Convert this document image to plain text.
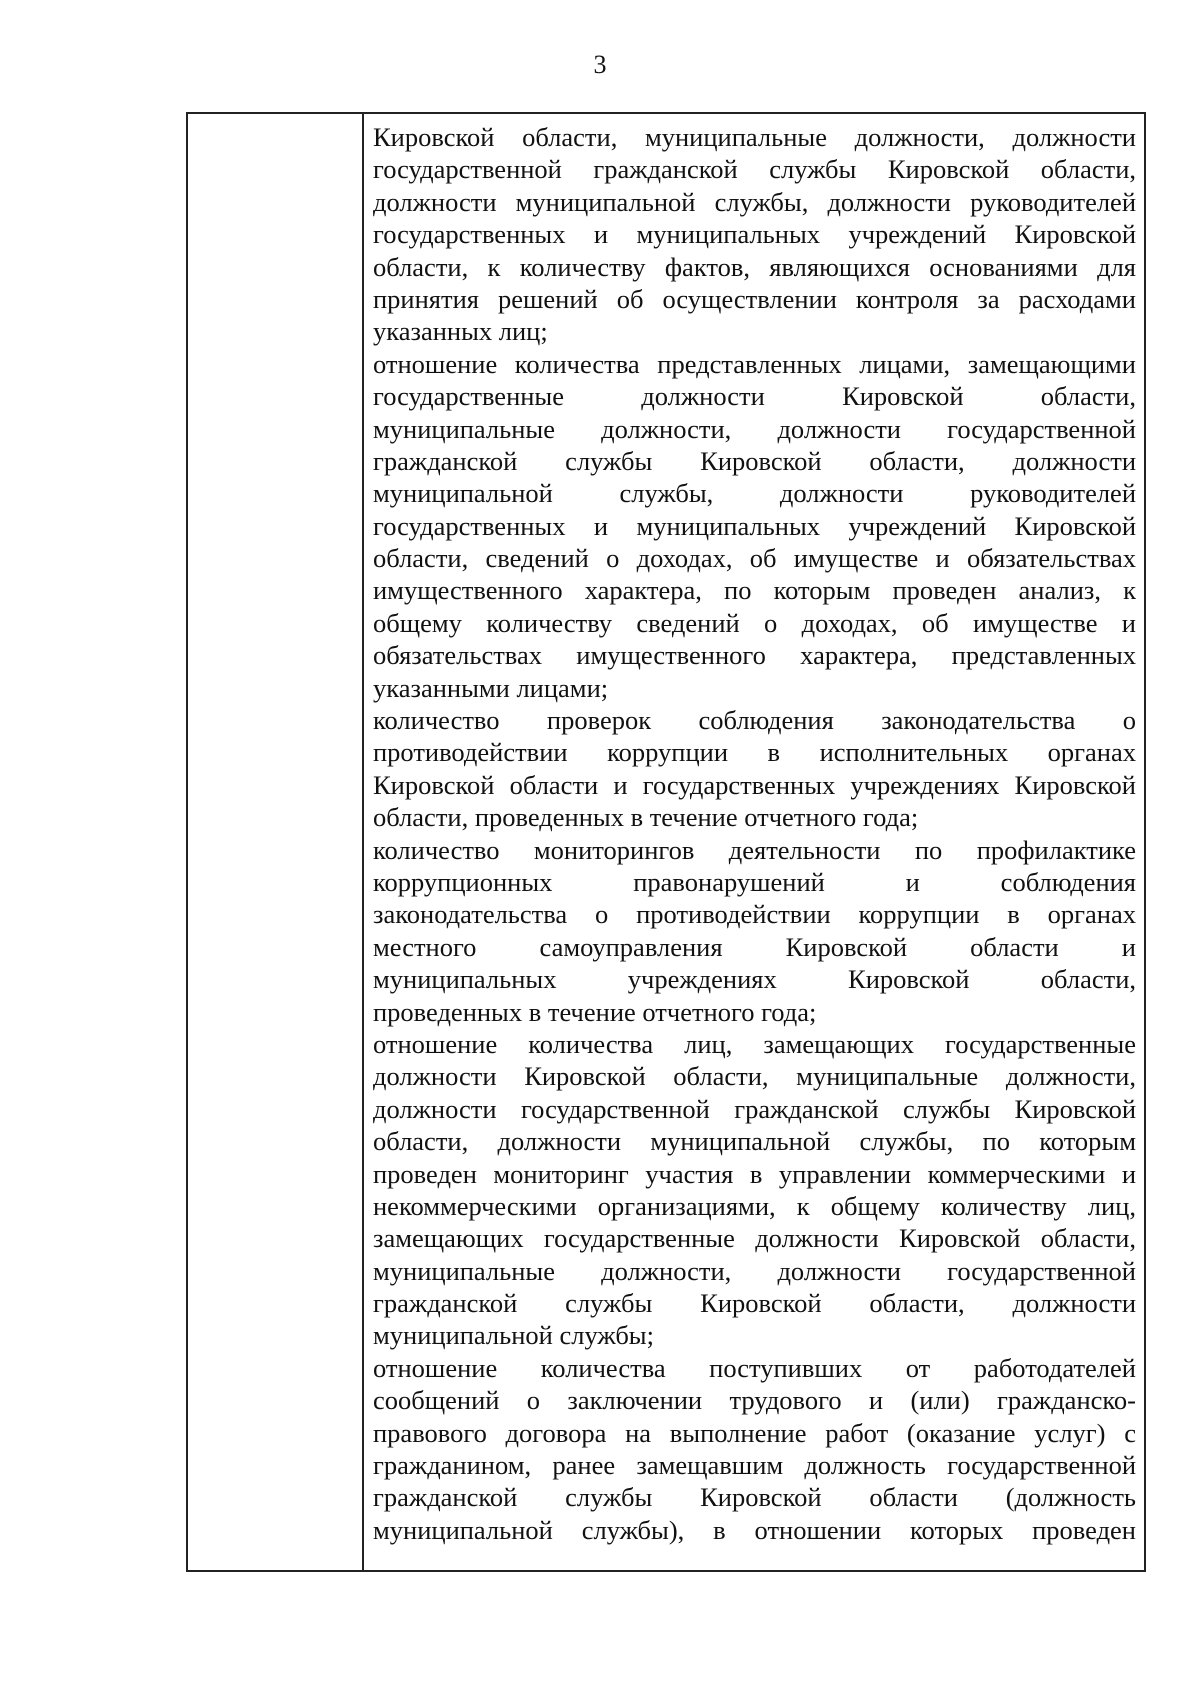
3
Кировской области, муниципальные должности, должности
государственной гражданской службы Кировской области,
должности муниципальной службы, должности руководителей
государственных и муниципальных учреждений Кировской
области, к количеству фактов, являющихся основаниями для
принятия решений об осуществлении контроля за расходами
указанных лиц;
отношение количества представленных лицами, замещающими
государственные должности Кировской области,
муниципальные должности, должности государственной
гражданской службы Кировской области, должности
муниципальной службы, должности руководителей
государственных и муниципальных учреждений Кировской
области, сведений о доходах, об имуществе и обязательствах
имущественного характера, по которым проведен анализ, к
общему количеству сведений о доходах, об имуществе и
обязательствах имущественного характера, представленных
указанными лицами;
количество проверок соблюдения законодательства о
противодействии коррупции в исполнительных органах
Кировской области и государственных учреждениях Кировской
области, проведенных в течение отчетного года;
количество мониторингов деятельности по профилактике
коррупционных правонарушений и соблюдения
законодательства о противодействии коррупции в органах
местного самоуправления Кировской области и
муниципальных учреждениях Кировской области,
проведенных в течение отчетного года;
отношение количества лиц, замещающих государственные
должности Кировской области, муниципальные должности,
должности государственной гражданской службы Кировской
области, должности муниципальной службы, по которым
проведен мониторинг участия в управлении коммерческими и
некоммерческими организациями, к общему количеству лиц,
замещающих государственные должности Кировской области,
муниципальные должности, должности государственной
гражданской службы Кировской области, должности
муниципальной службы;
отношение количества поступивших от работодателей
сообщений о заключении трудового и (или) гражданско-
правового договора на выполнение работ (оказание услуг) с
гражданином, ранее замещавшим должность государственной
гражданской службы Кировской области (должность
муниципальной службы), в отношении которых проведен
